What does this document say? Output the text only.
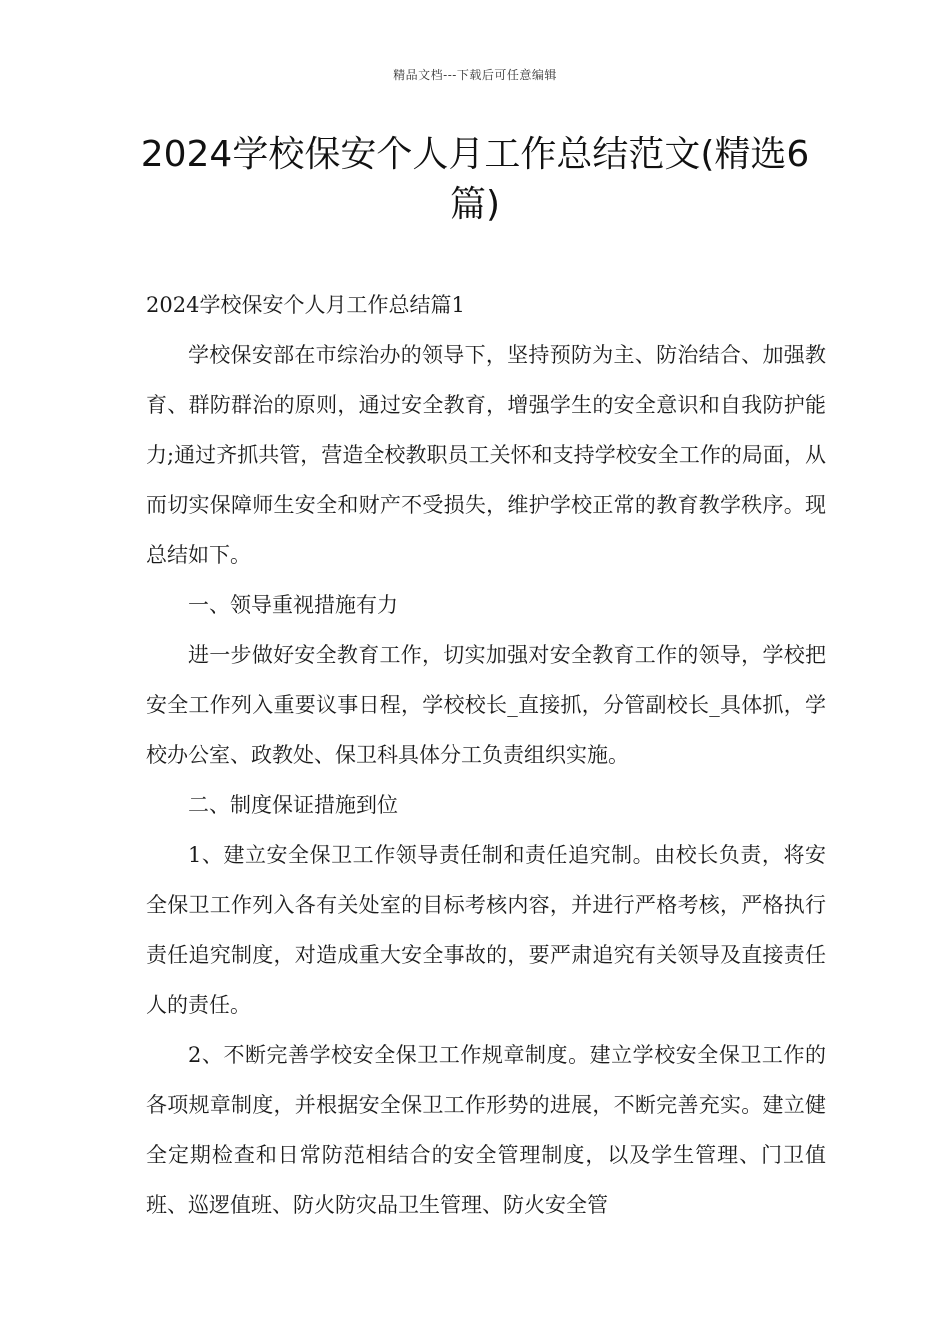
精品文档---下载后可任意编辑
2024学校保安个人月工作总结范文(精选6篇)

2024学校保安个人月工作总结篇1

学校保安部在市综治办的领导下，坚持预防为主、防治结合、加强教育、群防群治的原则，通过安全教育，增强学生的安全意识和自我防护能力;通过齐抓共管，营造全校教职员工关怀和支持学校安全工作的局面，从而切实保障师生安全和财产不受损失，维护学校正常的教育教学秩序。现总结如下。

一、领导重视措施有力

进一步做好安全教育工作，切实加强对安全教育工作的领导，学校把安全工作列入重要议事日程，学校校长_直接抓，分管副校长_具体抓，学校办公室、政教处、保卫科具体分工负责组织实施。

二、制度保证措施到位

1、建立安全保卫工作领导责任制和责任追究制。由校长负责，将安全保卫工作列入各有关处室的目标考核内容，并进行严格考核，严格执行责任追究制度，对造成重大安全事故的，要严肃追究有关领导及直接责任人的责任。

2、不断完善学校安全保卫工作规章制度。建立学校安全保卫工作的各项规章制度，并根据安全保卫工作形势的进展，不断完善充实。建立健全定期检查和日常防范相结合的安全管理制度，以及学生管理、门卫值班、巡逻值班、防火防灾品卫生管理、防火安全管
